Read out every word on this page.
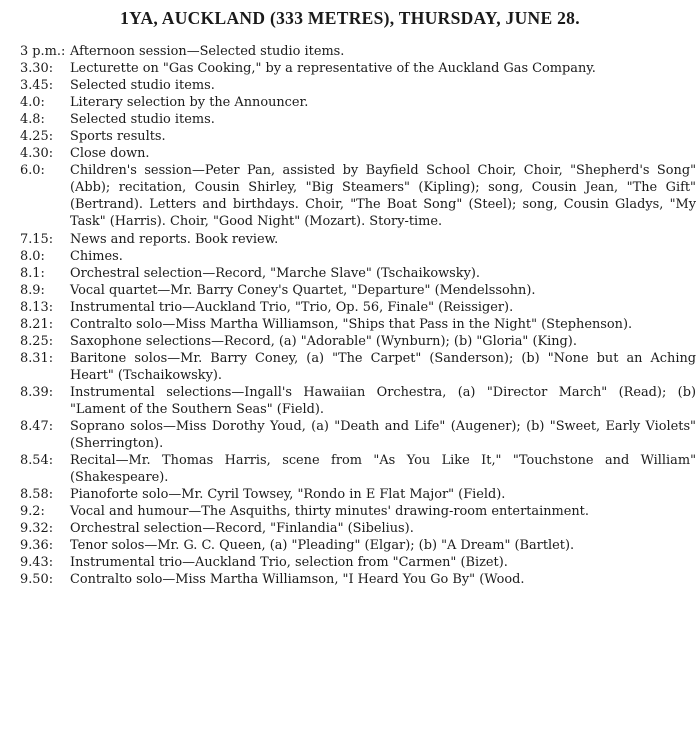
1YA, AUCKLAND (333 METRES), THURSDAY, JUNE 28.
3 p.m.: Afternoon session—Selected studio items.
3.30:	Lecturette on "Gas Cooking," by a representative of the Auckland Gas Company.
3.45:	Selected studio items.
4.0:	Literary selection by the Announcer.
4.8:	Selected studio items.
4.25:	Sports results.
4.30:	Close down.
6.0:	Children's session—Peter Pan, assisted by Bayfield School Choir, Choir, "Shepherd's Song" (Abb); recitation, Cousin Shirley, "Big Steamers" (Kipling); song, Cousin Jean, "The Gift" (Bertrand). Letters and birthdays. Choir, "The Boat Song" (Steel); song, Cousin Gladys, "My Task" (Harris). Choir, "Good Night" (Mozart). Story-time.
7.15:	News and reports. Book review.
8.0:	Chimes.
8.1:	Orchestral selection—Record, "Marche Slave" (Tschaikowsky).
8.9:	Vocal quartet—Mr. Barry Coney's Quartet, "Departure" (Mendelssohn).
8.13:	Instrumental trio—Auckland Trio, "Trio, Op. 56, Finale" (Reissiger).
8.21:	Contralto solo—Miss Martha Williamson, "Ships that Pass in the Night" (Stephenson).
8.25:	Saxophone selections—Record, (a) "Adorable" (Wynburn); (b) "Gloria" (King).
8.31:	Baritone solos—Mr. Barry Coney, (a) "The Carpet" (Sanderson); (b) "None but an Aching Heart" (Tschaikowsky).
8.39:	Instrumental selections—Ingall's Hawaiian Orchestra, (a) "Director March" (Read); (b) "Lament of the Southern Seas" (Field).
8.47:	Soprano solos—Miss Dorothy Youd, (a) "Death and Life" (Augener); (b) "Sweet, Early Violets" (Sherrington).
8.54:	Recital—Mr. Thomas Harris, scene from "As You Like It," "Touchstone and William" (Shakespeare).
8.58:	Pianoforte solo—Mr. Cyril Towsey, "Rondo in E Flat Major" (Field).
9.2:	Vocal and humour—The Asquiths, thirty minutes' drawing-room entertainment.
9.32:	Orchestral selection—Record, "Finlandia" (Sibelius).
9.36:	Tenor solos—Mr. G. C. Queen, (a) "Pleading" (Elgar); (b) "A Dream" (Bartlet).
9.43:	Instrumental trio—Auckland Trio, selection from "Carmen" (Bizet).
9.50:	Contralto solo—Miss Martha Williamson, "I Heard You Go By" (Wood.
